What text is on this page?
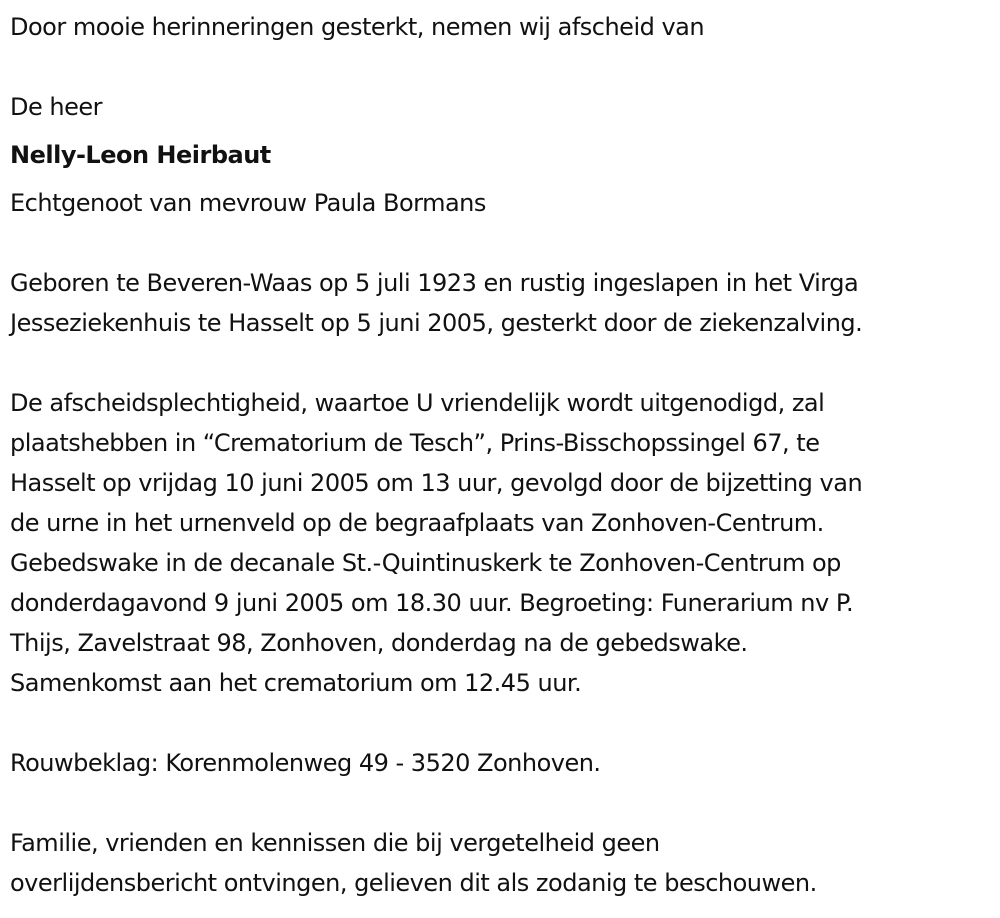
Door mooie herinneringen gesterkt, nemen wij afscheid van

De heer

Nelly-Leon Heirbaut

Echtgenoot van mevrouw Paula Bormans

Geboren te Beveren-Waas op 5 juli 1923 en rustig ingeslapen in het Virga

Jesseziekenhuis te Hasselt op 5 juni 2005, gesterkt door de ziekenzalving.

De afscheidsplechtigheid, waartoe U vriendelijk wordt uitgenodigd, zal

plaatshebben in “Crematorium de Tesch”, Prins-Bisschopssingel 67, te

Hasselt op vrijdag 10 juni 2005 om 13 uur, gevolgd door de bijzetting van

de urne in het urnenveld op de begraafplaats van Zonhoven-Centrum.

Gebedswake in de decanale St.-Quintinuskerk te Zonhoven-Centrum op

donderdagavond 9 juni 2005 om 18.30 uur. Begroeting: Funerarium nv P.

Thijs, Zavelstraat 98, Zonhoven, donderdag na de gebedswake.

Samenkomst aan het crematorium om 12.45 uur.

Rouwbeklag: Korenmolenweg 49 - 3520 Zonhoven.

Familie, vrienden en kennissen die bij vergetelheid geen

overlijdensbericht ontvingen, gelieven dit als zodanig te beschouwen.
